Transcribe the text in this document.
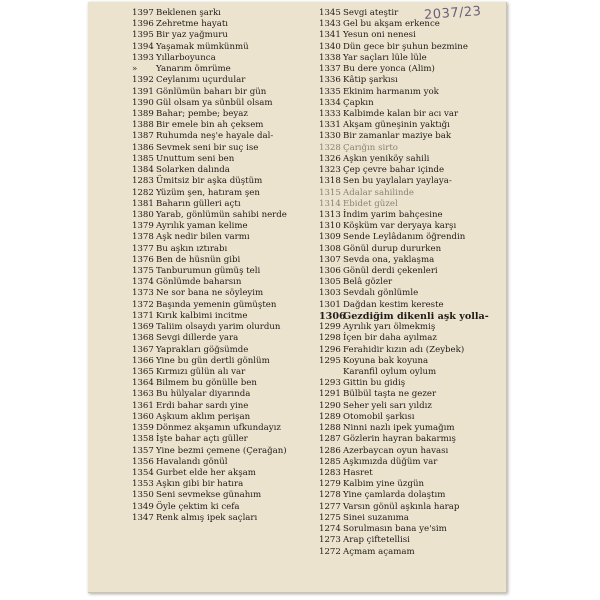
2037/23
1397 Beklenen şarkı
1396 Zehretme hayatı
1395 Bir yaz yağmuru
1394 Yaşamak mümkünmü
1393 Yıllarboyunca
» Yanarım ömrüme
1392 Ceylanımı uçurdular
1391 Gönlümün baharı bir gün
1390 Gül olsam ya sünbül olsam
1389 Bahar; pembe; beyaz
1388 Bir emele bin ah çeksem
1387 Ruhumda neş'e hayale dal-
1386 Sevmek seni bir suç ise
1385 Unuttum seni ben
1384 Solarken dalında
1283 Ümitsiz bir aşka düştüm
1282 Yüzüm şen, hatıram şen
1381 Baharın gülleri açtı
1380 Yarab, gönlümün sahibi nerde
1379 Ayrılık yaman kelime
1378 Aşk nedir bilen varmı
1377 Bu aşkın ıztırabı
1376 Ben de hüsnün gibi
1375 Tanburumun gümüş teli
1374 Gönlümde baharsın
1373 Ne sor bana ne söyleyim
1372 Başında yemenin gümüşten
1371 Kırık kalbimi incitme
1369 Taliim olsaydı yarim olurdun
1368 Sevgi dillerde yara
1367 Yaprakları göğsümde
1366 Yine bu gün dertli gönlüm
1365 Kırmızı gülün alı var
1364 Bilmem bu gönülle ben
1363 Bu hülyalar diyarında
1361 Erdi bahar sardı yine
1360 Aşkıum aklım perişan
1359 Dönmez akşamın ufkundayız
1358 İşte bahar açtı güller
1357 Yine bezmi çemene (Çerağan)
1356 Havalandı gönül
1354 Gurbet elde her akşam
1353 Aşkın gibi bir hatıra
1350 Seni sevmekse günahım
1349 Öyle çektim ki cefa
1347 Renk almış ipek saçları
1345 Sevgi ateştir
1343 Gel bu akşam erkence
1341 Yesun oni nenesi
1340 Dün gece bir şuhun bezmine
1338 Yar saçları lüle lüle
1337 Bu dere yonca (Alim)
1336 Kâtip şarkısı
1335 Ekinim harmanım yok
1334 Çapkın
1333 Kalbimde kalan bir acı var
1331 Akşam güneşinin yaktığı
1330 Bir zamanlar maziye bak
1328 Çarığın sirto
1326 Aşkın yeniköy sahili
1323 Çep çevre bahar içinde
1318 Sen bu yaylaları yaylaya-
1315 Adalar sahilinde
1314 Ebidet güzel
1313 İndim yarim bahçesine
1310 Köşküm var deryaya karşı
1309 Sende Leylâdanım öğrendin
1308 Gönül durup dururken
1307 Sevda ona, yaklaşma
1306 Gönül derdi çekenleri
1305 Belâ gözler
1303 Sevdalı gönlümle
1301 Dağdan kestim kereste
1306Gezdiğim dikenli aşk yolla-
1299 Ayrılık yarı ölmekmiş
1298 İçen bir daha ayılmaz
1296 Ferahidir kızın adı (Zeybek)
1295 Koyuna bak koyuna
Karanfil oylum oylum
1293 Gittin bu gidiş
1291 Bülbül taşta ne gezer
1290 Seher yeli sarı yıldız
1289 Otomobil şarkısı
1288 Ninni nazlı ipek yumağım
1287 Gözlerin hayran bakarmış
1286 Azerbaycan oyun havası
1285 Aşkımızda düğüm var
1283 Hasret
1279 Kalbim yine üzgün
1278 Yine çamlarda dolaştım
1277 Varsın gönül aşkınla harap
1275 Sinei suzanıma
1274 Sorulmasın bana ye'sim
1273 Arap çiftetellisi
1272 Açmam açamam
